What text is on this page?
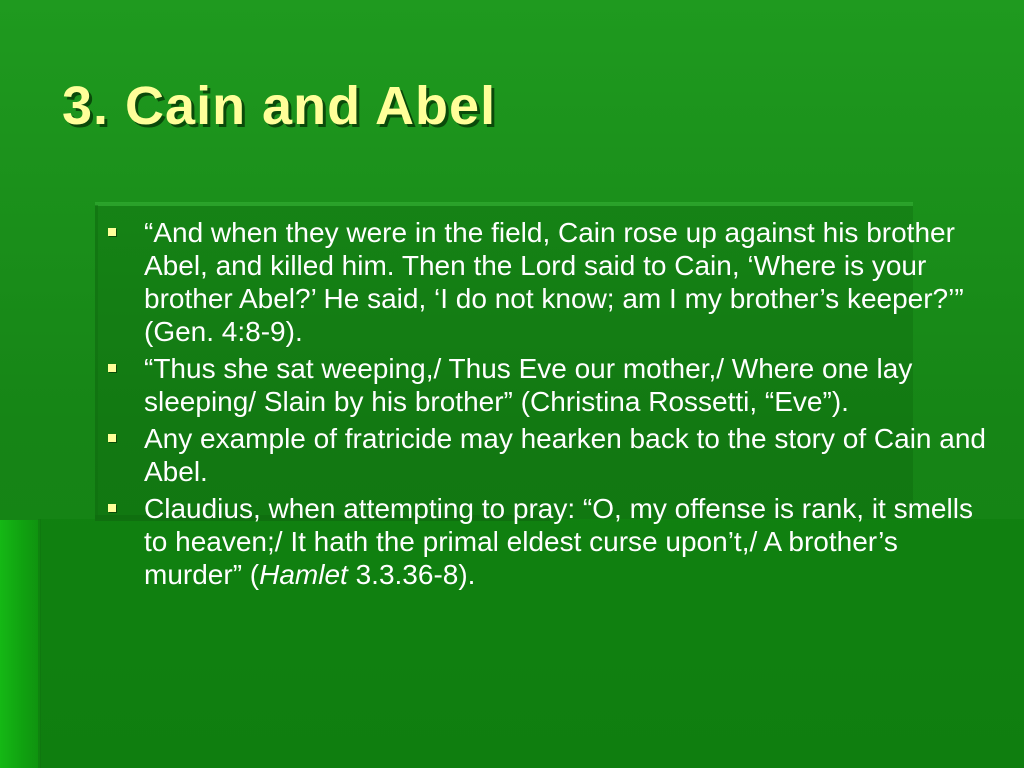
3. Cain and Abel
“And when they were in the field, Cain rose up against his brother Abel, and killed him. Then the Lord said to Cain, ‘Where is your brother Abel?’ He said, ‘I do not know; am I my brother’s keeper?’” (Gen. 4:8-9).
“Thus she sat weeping,/ Thus Eve our mother,/ Where one lay sleeping/ Slain by his brother” (Christina Rossetti, “Eve”).
Any example of fratricide may hearken back to the story of Cain and Abel.
Claudius, when attempting to pray: “O, my offense is rank, it smells to heaven;/ It hath the primal eldest curse upon’t,/ A brother’s murder” (Hamlet 3.3.36-8).
